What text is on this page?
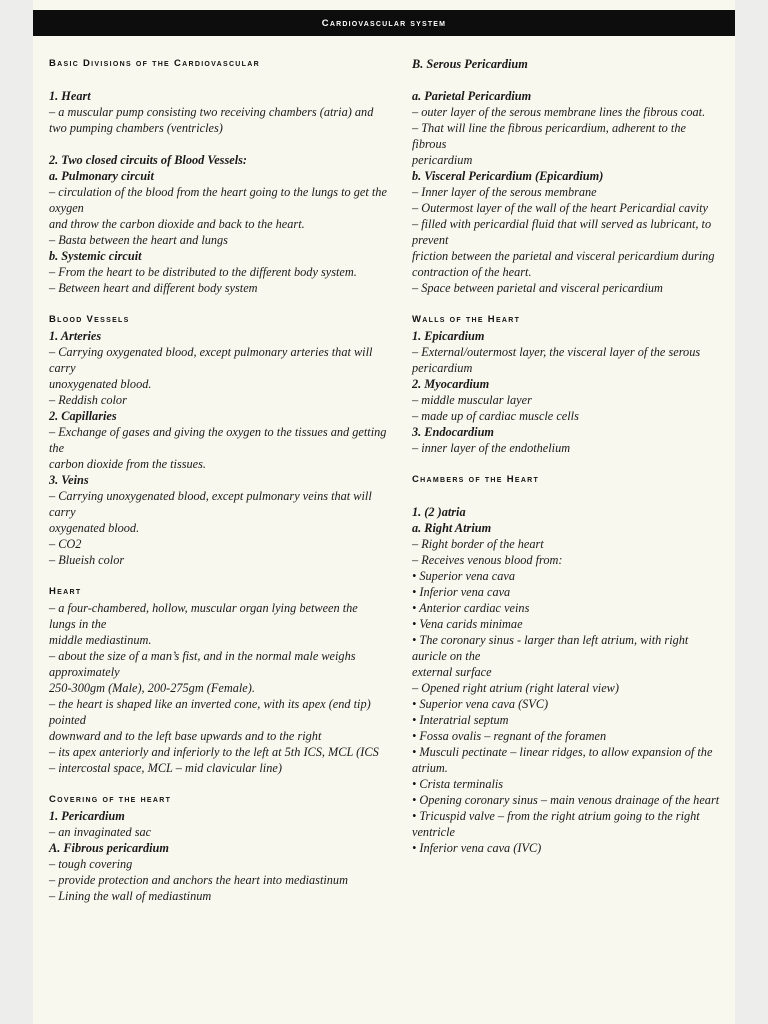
Cardiovascular system
Basic Divisions of the Cardiovascular
1. Heart
– a muscular pump consisting two receiving chambers (atria) and two pumping chambers (ventricles)
2. Two closed circuits of Blood Vessels:
a. Pulmonary circuit
– circulation of the blood from the heart going to the lungs to get the oxygen
and throw the carbon dioxide and back to the heart.
– Basta between the heart and lungs
b. Systemic circuit
– From the heart to be distributed to the different body system.
– Between heart and different body system
Blood Vessels
1. Arteries
– Carrying oxygenated blood, except pulmonary arteries that will carry
unoxygenated blood.
– Reddish color
2. Capillaries
– Exchange of gases and giving the oxygen to the tissues and getting the
carbon dioxide from the tissues.
3. Veins
– Carrying unoxygenated blood, except pulmonary veins that will carry
oxygenated blood.
– CO2
– Blueish color
Heart
– a four-chambered, hollow, muscular organ lying between the lungs in the
middle mediastinum.
– about the size of a man’s fist, and in the normal male weighs approximately
250-300gm (Male), 200-275gm (Female).
– the heart is shaped like an inverted cone, with its apex (end tip) pointed
downward and to the left base upwards and to the right
– its apex anteriorly and inferiorly to the left at 5th ICS, MCL (ICS – intercostal space, MCL – mid clavicular line)
Covering of the heart
1. Pericardium
– an invaginated sac
A. Fibrous pericardium
– tough covering
– provide protection and anchors the heart into mediastinum
– Lining the wall of mediastinum
B. Serous Pericardium
a. Parietal Pericardium
– outer layer of the serous membrane lines the fibrous coat.
– That will line the fibrous pericardium, adherent to the fibrous
pericardium
b. Visceral Pericardium (Epicardium)
– Inner layer of the serous membrane
– Outermost layer of the wall of the heart Pericardial cavity
– filled with pericardial fluid that will served as lubricant, to prevent
friction between the parietal and visceral pericardium during
contraction of the heart.
– Space between parietal and visceral pericardium
Walls of the Heart
1. Epicardium
– External/outermost layer, the visceral layer of the serous pericardium
2. Myocardium
– middle muscular layer
– made up of cardiac muscle cells
3. Endocardium
– inner layer of the endothelium
Chambers of the Heart
1. (2 )atria
a. Right Atrium
– Right border of the heart
– Receives venous blood from:
• Superior vena cava
• Inferior vena cava
• Anterior cardiac veins
• Vena carids minimae
• The coronary sinus - larger than left atrium, with right auricle on the
external surface
– Opened right atrium (right lateral view)
• Superior vena cava (SVC)
• Interatrial septum
• Fossa ovalis – regnant of the foramen
• Musculi pectinate – linear ridges, to allow expansion of the atrium.
• Crista terminalis
• Opening coronary sinus – main venous drainage of the heart
• Tricuspid valve – from the right atrium going to the right ventricle
• Inferior vena cava (IVC)
